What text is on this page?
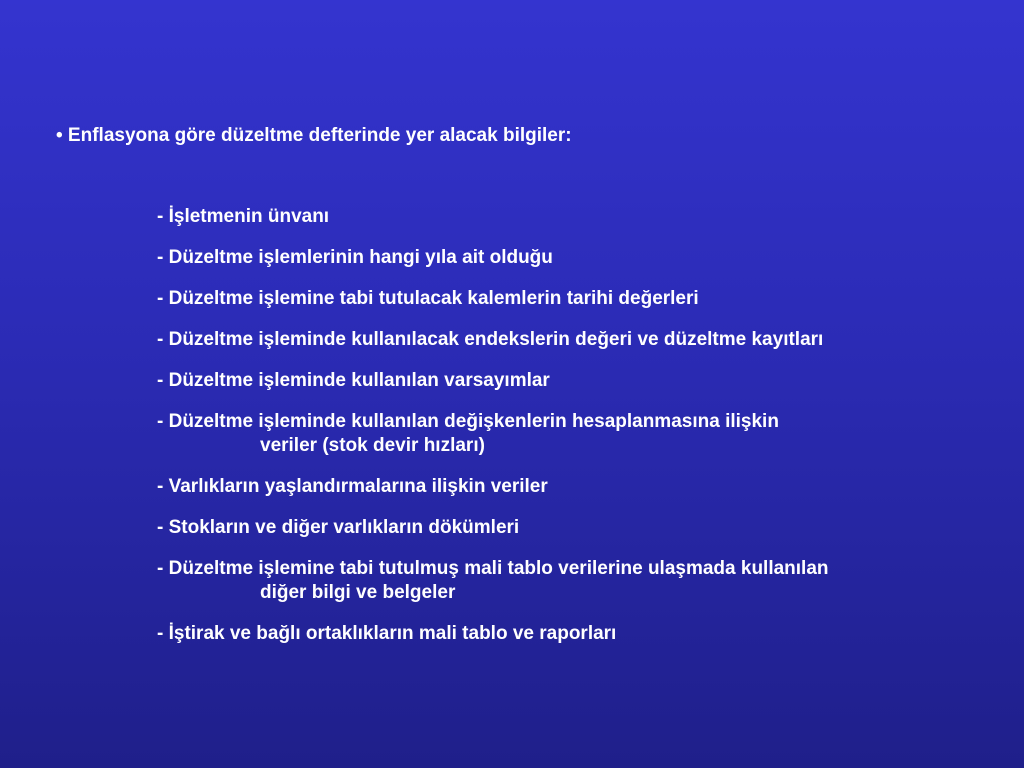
• Enflasyona göre düzeltme defterinde yer alacak bilgiler:
- İşletmenin ünvanı
- Düzeltme işlemlerinin hangi yıla ait olduğu
- Düzeltme işlemine tabi tutulacak kalemlerin tarihi değerleri
- Düzeltme işleminde kullanılacak endekslerin değeri ve düzeltme kayıtları
- Düzeltme işleminde kullanılan varsayımlar
- Düzeltme işleminde kullanılan değişkenlerin hesaplanmasına ilişkin
veriler (stok devir hızları)
- Varlıkların yaşlandırmalarına ilişkin veriler
- Stokların ve diğer varlıkların dökümleri
- Düzeltme işlemine tabi tutulmuş mali tablo verilerine ulaşmada kullanılan
diğer bilgi ve belgeler
- İştirak ve bağlı ortaklıkların mali tablo ve raporları
